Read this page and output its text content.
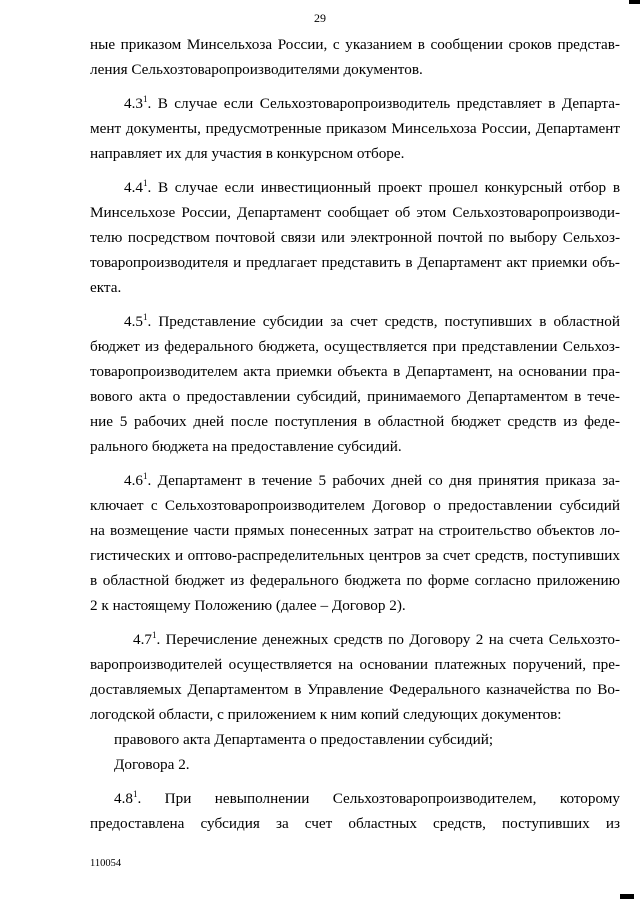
29

ные приказом Минсельхоза России, с указанием в сообщении сроков представ-

ления Сельхозтоваропроизводителями документов.

$4.3^1$. В случае если Сельхозтоваропроизводитель представляет в Департа-

мент документы, предусмотренные приказом Минсельхоза России, Департамент

направляет их для участия в конкурсном отборе.

$4.4^1$. В случае если инвестиционный проект прошел конкурсный отбор в

Минсельхозе России, Департамент сообщает об этом Сельхозтоваропроизводи-

телю посредством почтовой связи или электронной почтой по выбору Сельхоз-

товаропроизводителя и предлагает представить в Департамент акт приемки объ-

екта.

$4.5^1$. Представление субсидии за счет средств, поступивших в областной

бюджет из федерального бюджета, осуществляется при представлении Сельхоз-

товаропроизводителем акта приемки объекта в Департамент, на основании пра-

вового акта о предоставлении субсидий, принимаемого Департаментом в тече-

ние 5 рабочих дней после поступления в областной бюджет средств из феде-

рального бюджета на предоставление субсидий.

$4.6^1$. Департамент в течение 5 рабочих дней со дня принятия приказа за-

ключает с Сельхозтоваропроизводителем Договор о предоставлении субсидий

на возмещение части прямых понесенных затрат на строительство объектов ло-

гистических и оптово-распределительных центров за счет средств, поступивших

в областной бюджет из федерального бюджета по форме согласно приложению

2 к настоящему Положению (далее – Договор 2).

$4.7^1$. Перечисление денежных средств по Договору 2 на счета Сельхозто-

варопроизводителей осуществляется на основании платежных поручений, пре-

доставляемых Департаментом в Управление Федерального казначейства по Во-

логодской области, с приложением к ним копий следующих документов:

правового акта Департамента о предоставлении субсидий;

Договора 2.

$4.8^1$. При невыполнении Сельхозтоваропроизводителем, которому

предоставлена субсидия за счет областных средств, поступивших из

110054
